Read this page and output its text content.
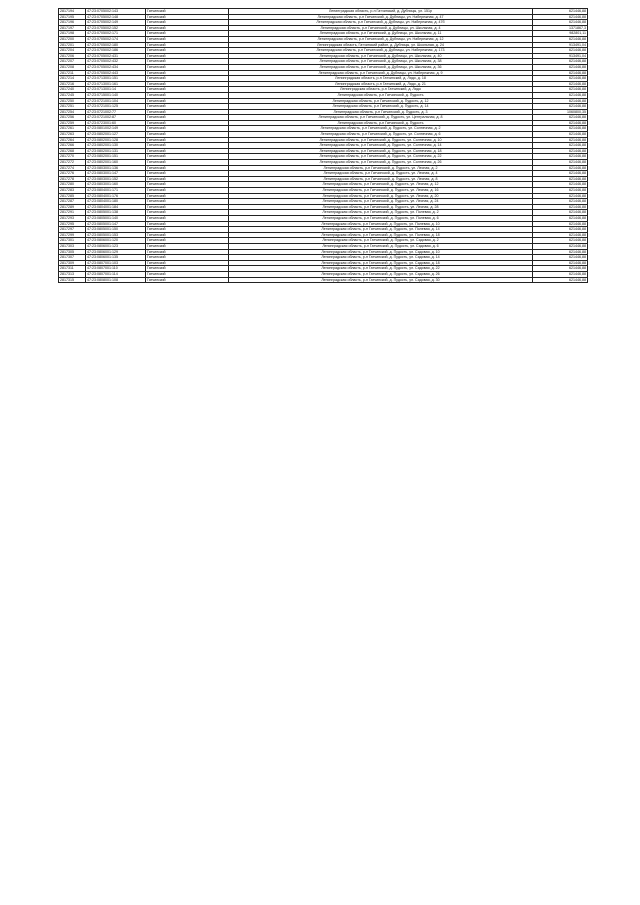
2817194	47:23:0705002:143	Гатчинский	Ленинградская область, р-н Гатчинский, д. Дубницы, ул. 151р	621446,88
2817195	47:23:0705002:148	Гатчинский	Ленинградская область, р-н Гатчинский, д. Дубницы, ул. Набережная, д. 47	621446,88
2817196	47:23:0705002:149	Гатчинский	Ленинградская область, р-н Гатчинский, д. Дубницы, ул. Набережная, д. 47б	621446,88
2817197	47:23:0705002:152	Гатчинский	Ленинградская область, р-н Гатчинский, д. Дубницы, ул. Школьная, д. 4	1371867,3
2817198	47:23:0705002:171	Гатчинский	Ленинградская область, р-н Гатчинский, д. Дубницы, ул. Школьная, д. 11	982801,11
2817200	47:23:0705002:174	Гатчинский	Ленинградская область, р-н Гатчинский, д. Дубницы, ул. Набережная, д. 12	621446,88
2817201	47:23:0705002:180	Гатчинский	Ленинградская область, Гатчинский район, д. Дубницы, ул. Школьная, д. 24	913491,04
2817204	47:23:0705002:186	Гатчинский	Ленинградская область, р-н Гатчинский, д. Дубницы, ул. Набережная, д. 173	621446,88
2817206	47:23:0705002:431	Гатчинский	Ленинградская область, р-н Гатчинский, д. Дубницы, ул. Школьная, д. 40	913491,04
2817207	47:23:0705002:432	Гатчинский	Ленинградская область, р-н Гатчинский, д. Дубницы, ул. Школьная, д. 38	621446,88
2817208	47:23:0705002:434	Гатчинский	Ленинградская область, р-н Гатчинский, д. Дубницы, ул. Школьная, д. 36	621446,88
2817211	47:23:0705002:443	Гатчинский	Ленинградская область, р-н Гатчинский, д. Дубницы, ул. Набережная, д. 9	621446,88
2817214	47:23:0713001:151	Гатчинский	Ленинградская область, р-н Гатчинский, д. Лядо, д. 18	621446,88
2817216	47:23:0713001:161	Гатчинский	Ленинградская область, р-н Гатчинский, д. Лядо, д. 21	621446,88
2817240	47:23:0713001:14	Гатчинский	Ленинградская область, р-н Гатчинский, д. Лядо	621446,88
2817245	47:23:0715001:140	Гатчинский	Ленинградская область, р-н Гатчинский, д. Пудость	621446,88
2817250	47:23:0721001:104	Гатчинский	Ленинградская область, р-н Гатчинский, д. Пудость, д. 12	621446,88
2817251	47:23:0721001:125	Гатчинский	Ленинградская область, р-н Гатчинский, д. Пудость, д. 14	621446,88
2817254	47:23:0721002:77	Гатчинский	Ленинградская область, р-н Гатчинский, д. Пудость, д. 3	1060800,35
2817256	47:23:0721002:87	Гатчинский	Ленинградская область, р-н Гатчинский, д. Пудость, ул. Центральная, д. 8	621446,88
2817259	47:23:0723001:60	Гатчинский	Ленинградская область, р-н Гатчинский, д. Пудость	621446,88
2817261	47:23:0801002:149	Гатчинский	Ленинградская область, р-н Гатчинский, д. Пудость, ул. Солнечная, д. 2	621446,88
2817263	47:23:0802001:127	Гатчинский	Ленинградская область, р-н Гатчинский, д. Пудость, ул. Солнечная, д. 6	621446,88
2817264	47:23:0802001:128	Гатчинский	Ленинградская область, р-н Гатчинский, д. Пудость, ул. Солнечная, д. 10	621446,88
2817266	47:23:0802001:130	Гатчинский	Ленинградская область, р-н Гатчинский, д. Пудость, ул. Солнечная, д. 14	621446,88
2817268	47:23:0802001:131	Гатчинский	Ленинградская область, р-н Гатчинский, д. Пудость, ул. Солнечная, д. 18	621446,88
2817270	47:23:0802001:151	Гатчинский	Ленинградская область, р-н Гатчинский, д. Пудость, ул. Солнечная, д. 22	621446,88
2817272	47:23:0802001:160	Гатчинский	Ленинградская область, р-н Гатчинский, д. Пудость, ул. Солнечная, д. 26	621446,88
2817274	47:23:0803001:136	Гатчинский	Ленинградская область, р-н Гатчинский, д. Пудость, ул. Лесная, д. 2	621446,88
2817276	47:23:0803001:147	Гатчинский	Ленинградская область, р-н Гатчинский, д. Пудость, ул. Лесная, д. 4	621446,88
2817278	47:23:0803001:152	Гатчинский	Ленинградская область, р-н Гатчинский, д. Пудость, ул. Лесная, д. 8	621446,88
2817280	47:23:0803001:160	Гатчинский	Ленинградская область, р-н Гатчинский, д. Пудость, ул. Лесная, д. 12	621446,88
2817283	47:23:0804001:171	Гатчинский	Ленинградская область, р-н Гатчинский, д. Пудость, ул. Лесная, д. 16	621446,88
2817285	47:23:0804001:176	Гатчинский	Ленинградская область, р-н Гатчинский, д. Пудость, ул. Лесная, д. 20	621446,88
2817287	47:23:0804001:180	Гатчинский	Ленинградская область, р-н Гатчинский, д. Пудость, ул. Лесная, д. 24	621446,88
2817289	47:23:0804001:184	Гатчинский	Ленинградская область, р-н Гатчинский, д. Пудость, ул. Лесная, д. 28	621446,88
2817291	47:23:0805001:138	Гатчинский	Ленинградская область, р-н Гатчинский, д. Пудость, ул. Полевая, д. 2	621446,88
2817293	47:23:0805001:140	Гатчинский	Ленинградская область, р-н Гатчинский, д. Пудость, ул. Полевая, д. 6	621446,88
2817295	47:23:0805001:147	Гатчинский	Ленинградская область, р-н Гатчинский, д. Пудость, ул. Полевая, д. 10	621446,88
2817297	47:23:0805001:150	Гатчинский	Ленинградская область, р-н Гатчинский, д. Пудость, ул. Полевая, д. 14	621446,88
2817299	47:23:0805001:153	Гатчинский	Ленинградская область, р-н Гатчинский, д. Пудость, ул. Полевая, д. 18	621446,88
2817301	47:23:0806001:120	Гатчинский	Ленинградская область, р-н Гатчинский, д. Пудость, ул. Садовая, д. 2	621446,88
2817303	47:23:0806001:123	Гатчинский	Ленинградская область, р-н Гатчинский, д. Пудость, ул. Садовая, д. 6	621446,88
2817305	47:23:0806001:129	Гатчинский	Ленинградская область, р-н Гатчинский, д. Пудость, ул. Садовая, д. 10	621446,88
2817307	47:23:0806001:135	Гатчинский	Ленинградская область, р-н Гатчинский, д. Пудость, ул. Садовая, д. 14	621446,88
2817309	47:23:0807001:103	Гатчинский	Ленинградская область, р-н Гатчинский, д. Пудость, ул. Садовая, д. 18	621446,88
2817311	47:23:0807001:110	Гатчинский	Ленинградская область, р-н Гатчинский, д. Пудость, ул. Садовая, д. 22	621446,88
2817313	47:23:0807001:114	Гатчинский	Ленинградская область, р-н Гатчинский, д. Пудость, ул. Садовая, д. 26	621446,88
2817315	47:23:0808001:108	Гатчинский	Ленинградская область, р-н Гатчинский, д. Пудость, ул. Садовая, д. 30	621446,88
